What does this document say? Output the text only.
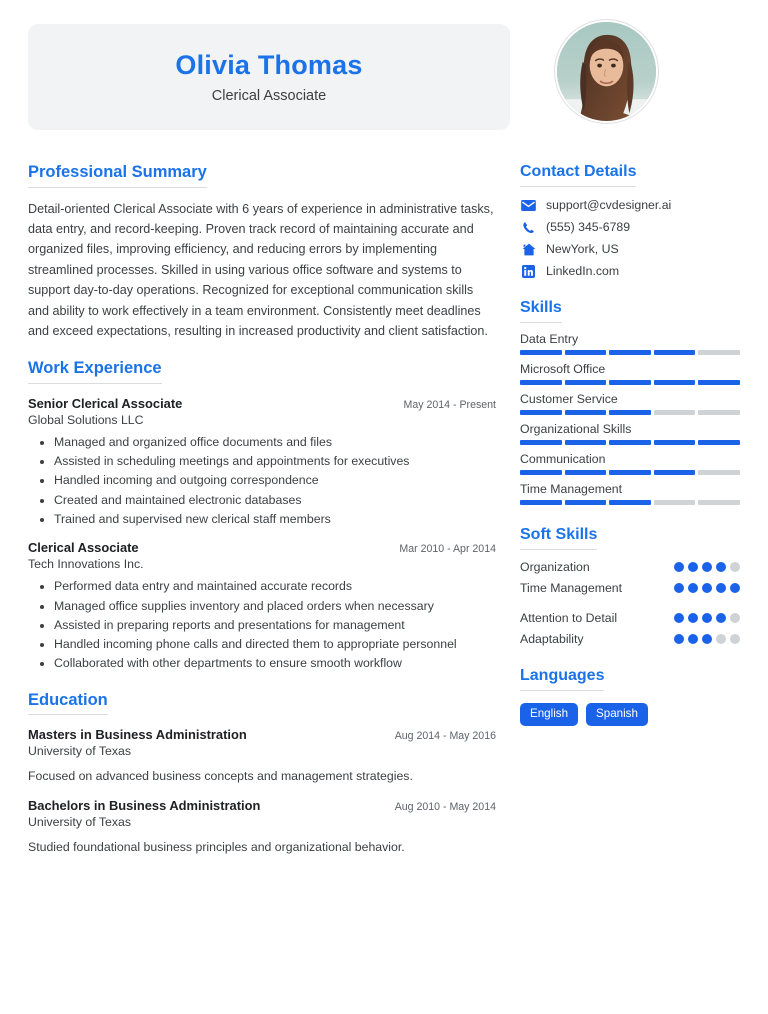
Olivia Thomas
Clerical Associate
Professional Summary
Detail-oriented Clerical Associate with 6 years of experience in administrative tasks, data entry, and record-keeping. Proven track record of maintaining accurate and organized files, improving efficiency, and reducing errors by implementing streamlined processes. Skilled in using various office software and systems to support day-to-day operations. Recognized for exceptional communication skills and ability to work effectively in a team environment. Consistently meet deadlines and exceed expectations, resulting in increased productivity and client satisfaction.
Work Experience
Senior Clerical Associate	May 2014 - Present
Global Solutions LLC
• Managed and organized office documents and files
• Assisted in scheduling meetings and appointments for executives
• Handled incoming and outgoing correspondence
• Created and maintained electronic databases
• Trained and supervised new clerical staff members
Clerical Associate	Mar 2010 - Apr 2014
Tech Innovations Inc.
• Performed data entry and maintained accurate records
• Managed office supplies inventory and placed orders when necessary
• Assisted in preparing reports and presentations for management
• Handled incoming phone calls and directed them to appropriate personnel
• Collaborated with other departments to ensure smooth workflow
Education
Masters in Business Administration	Aug 2014 - May 2016
University of Texas
Focused on advanced business concepts and management strategies.
Bachelors in Business Administration	Aug 2010 - May 2014
University of Texas
Studied foundational business principles and organizational behavior.
Contact Details
support@cvdesigner.ai
(555) 345-6789
NewYork, US
LinkedIn.com
Skills
Data Entry
Microsoft Office
Customer Service
Organizational Skills
Communication
Time Management
Soft Skills
Organization
Time Management
Attention to Detail
Adaptability
Languages
English	Spanish
